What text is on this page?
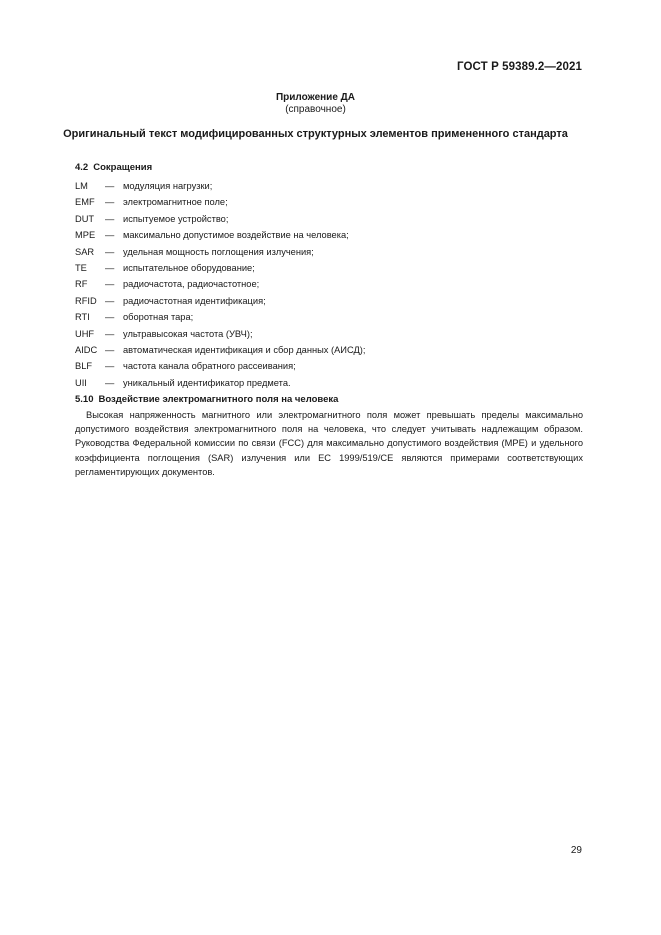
ГОСТ Р 59389.2—2021
Приложение ДА
(справочное)
Оригинальный текст модифицированных структурных элементов примененного стандарта
4.2 Сокращения
LM	— модуляция нагрузки;
EMF	— электромагнитное поле;
DUT	— испытуемое устройство;
MPE	— максимально допустимое воздействие на человека;
SAR	— удельная мощность поглощения излучения;
TE	— испытательное оборудование;
RF	— радиочастота, радиочастотное;
RFID — радиочастотная идентификация;
RTI	— оборотная тара;
UHF	— ультравысокая частота (УВЧ);
AIDC — автоматическая идентификация и сбор данных (АИСД);
BLF	— частота канала обратного рассеивания;
UII	— уникальный идентификатор предмета.
5.10 Воздействие электромагнитного поля на человека

Высокая напряженность магнитного или электромагнитного поля может превышать пределы максимально допустимого воздействия электромагнитного поля на человека, что следует учитывать надлежащим образом. Руководства Федеральной комиссии по связи (FCC) для максимально допустимого воздействия (МРЕ) и удельного коэффициента поглощения (SAR) излучения или ЕС 1999/519/СЕ являются примерами соответствующих регламентирующих документов.

29
